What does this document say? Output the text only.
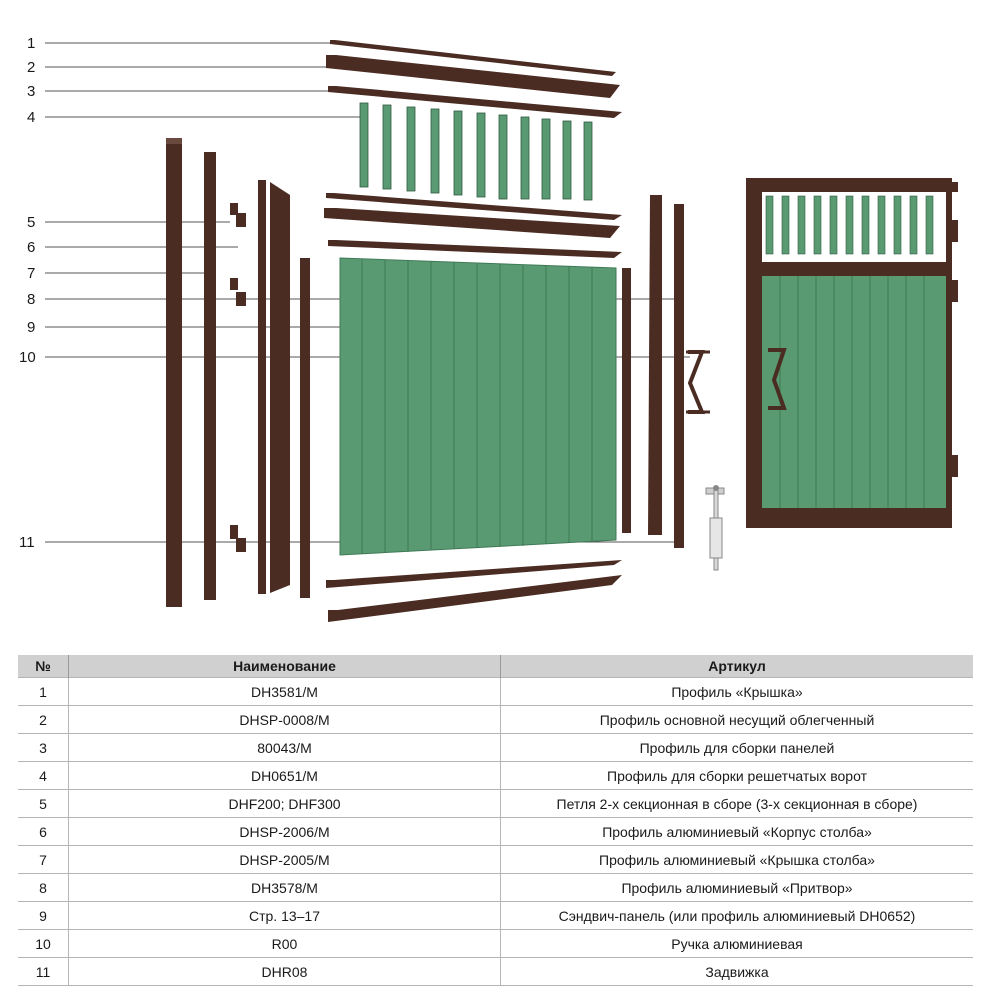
1
2
3
4
5
6
7
8
9
10
11
№	Наименование	Артикул
1	DH3581/M	Профиль «Крышка»
2	DHSP-0008/M	Профиль основной несущий облегченный
3	80043/M	Профиль для сборки панелей
4	DH0651/M	Профиль для сборки решетчатых ворот
5	DHF200; DHF300	Петля 2-х секционная в сборе (3-х секционная в сборе)
6	DHSP-2006/M	Профиль алюминиевый «Корпус столба»
7	DHSP-2005/M	Профиль алюминиевый «Крышка столба»
8	DH3578/M	Профиль алюминиевый «Притвор»
9	Стр. 13–17	Сэндвич-панель (или профиль алюминиевый DH0652)
10	R00	Ручка алюминиевая
11	DHR08	Задвижка
